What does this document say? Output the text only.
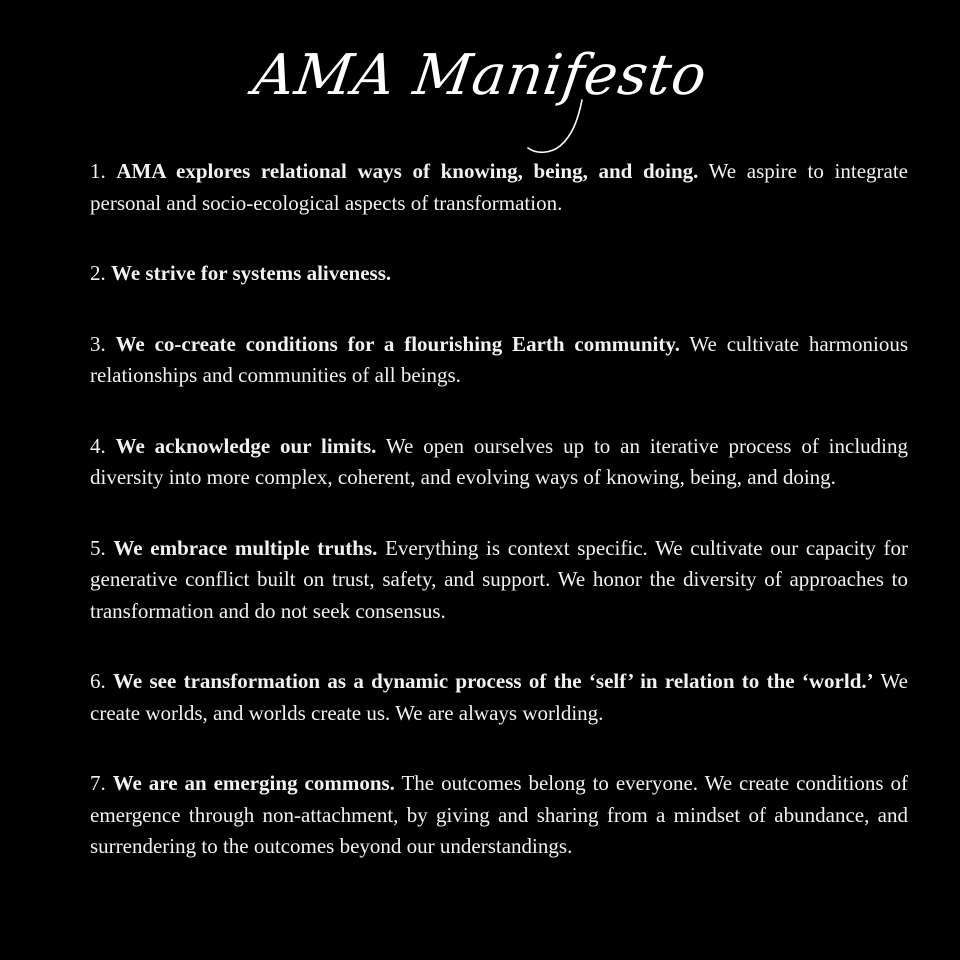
AMA Manifesto
1. AMA explores relational ways of knowing, being, and doing. We aspire to integrate personal and socio-ecological aspects of transformation.
2. We strive for systems aliveness.
3. We co-create conditions for a flourishing Earth community. We cultivate harmonious relationships and communities of all beings.
4. We acknowledge our limits. We open ourselves up to an iterative process of including diversity into more complex, coherent, and evolving ways of knowing, being, and doing.
5. We embrace multiple truths. Everything is context specific. We cultivate our capacity for generative conflict built on trust, safety, and support. We honor the diversity of approaches to transformation and do not seek consensus.
6. We see transformation as a dynamic process of the ‘self’ in relation to the ‘world.’ We create worlds, and worlds create us. We are always worlding.
7. We are an emerging commons. The outcomes belong to everyone. We create conditions of emergence through non-attachment, by giving and sharing from a mindset of abundance, and surrendering to the outcomes beyond our understandings.
